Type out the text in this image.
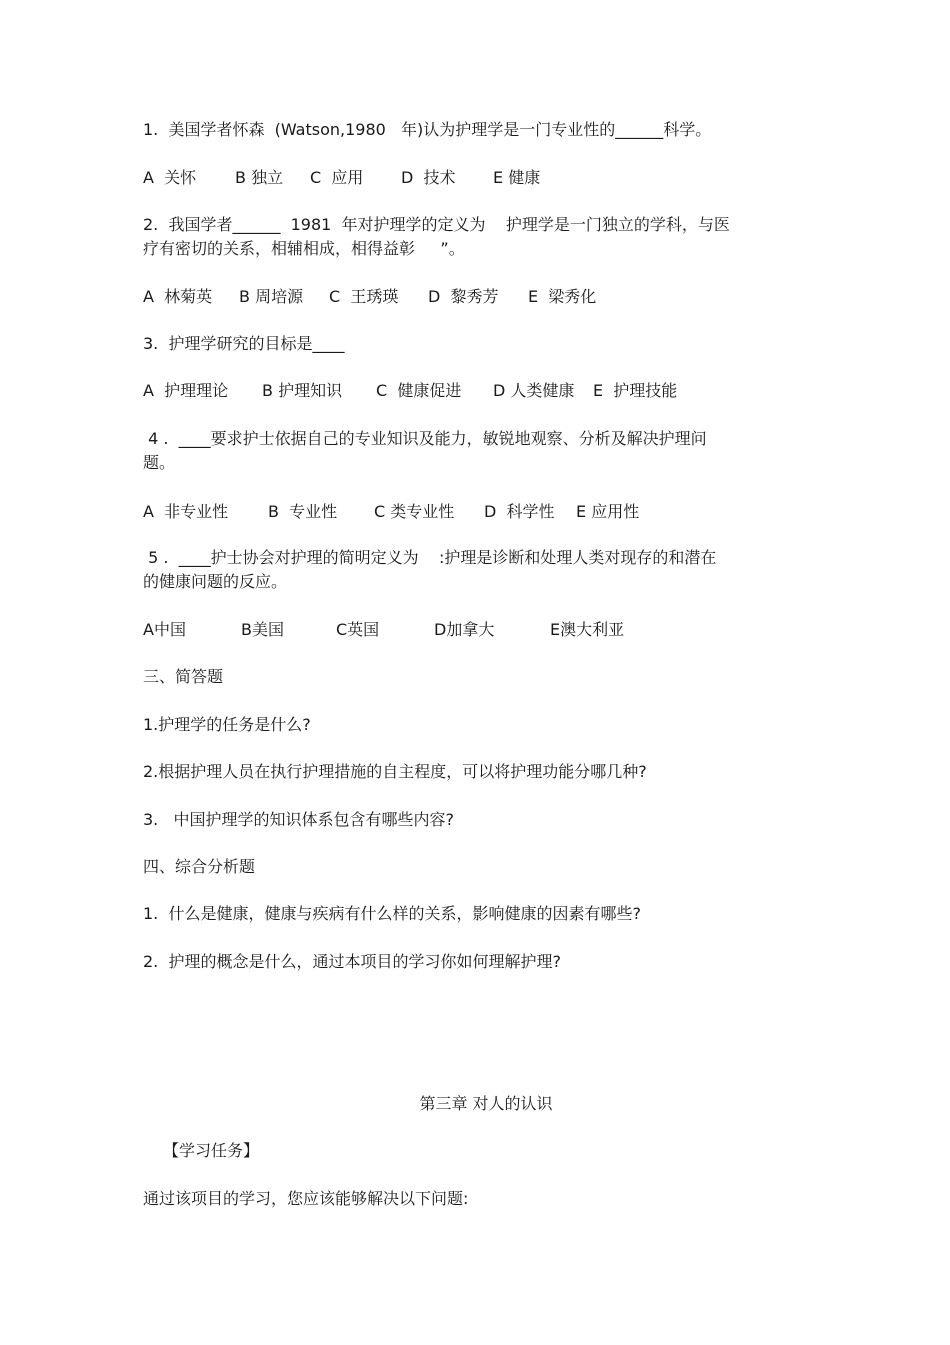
1.  美国学者怀森  (Watson,1980   年)认为护理学是一门专业性的______科学。

A  关怀	B 独立	C  应用	D  技术	E 健康

2.  我国学者______  1981  年对护理学的定义为    护理学是一门独立的学科，与医

疗有密切的关系，相辅相成，相得益彰     ”。

A  林菊英	B 周培源	C  王琇瑛	D  黎秀芳	E  梁秀化

3.  护理学研究的目标是____

A  护理理论	B 护理知识	C  健康促进	D 人类健康	E  护理技能

4 .  ____要求护士依据自己的专业知识及能力，敏锐地观察、分析及解决护理问

题。

A  非专业性	B  专业性	C 类专业性	D  科学性	E 应用性

5 .  ____护士协会对护理的简明定义为    :护理是诊断和处理人类对现存的和潜在

的健康问题的反应。

A中国	B美国	C英国	D加拿大	E澳大利亚

三、简答题

1.护理学的任务是什么?

2.根据护理人员在执行护理措施的自主程度，可以将护理功能分哪几种?

3.   中国护理学的知识体系包含有哪些内容?

四、综合分析题

1.  什么是健康，健康与疾病有什么样的关系，影响健康的因素有哪些?

2.  护理的概念是什么，通过本项目的学习你如何理解护理?

第三章 对人的认识

【学习任务】

通过该项目的学习，您应该能够解决以下问题:
